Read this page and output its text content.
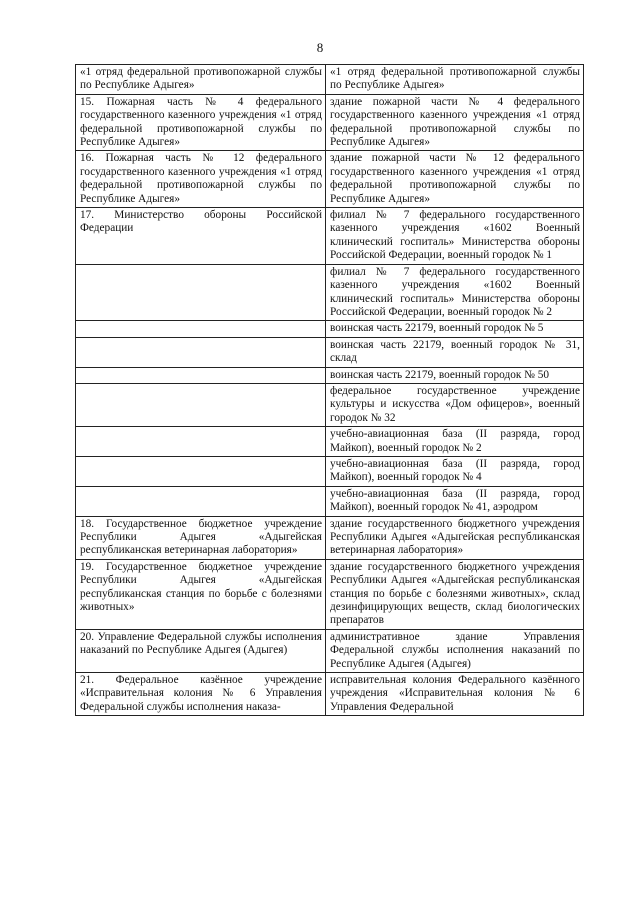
8
«1 отряд федеральной противопожарной службы по Республике Адыгея»	«1 отряд федеральной противопожарной службы по Республике Адыгея»
15. Пожарная часть № 4 федерального государственного казенного учреждения «1 отряд федеральной противопожарной службы по Республике Адыгея»	здание пожарной части № 4 федерального государственного казенного учреждения «1 отряд федеральной противопожарной службы по Республике Адыгея»
16. Пожарная часть № 12 федерального государственного казенного учреждения «1 отряд федеральной противопожарной службы по Республике Адыгея»	здание пожарной части № 12 федерального государственного казенного учреждения «1 отряд федеральной противопожарной службы по Республике Адыгея»
17. Министерство обороны Российской Федерации	филиал № 7 федерального государственного казенного учреждения «1602 Военный клинический госпиталь» Министерства обороны Российской Федерации, военный городок № 1
	филиал № 7 федерального государственного казенного учреждения «1602 Военный клинический госпиталь» Министерства обороны Российской Федерации, военный городок № 2
	воинская часть 22179, военный городок № 5
	воинская часть 22179, военный городок № 31, склад
	воинская часть 22179, военный городок № 50
	федеральное государственное учреждение культуры и искусства «Дом офицеров», военный городок № 32
	учебно-авиационная база (II разряда, город Майкоп), военный городок № 2
	учебно-авиационная база (II разряда, город Майкоп), военный городок № 4
	учебно-авиационная база (II разряда, город Майкоп), военный городок № 41, аэродром
18. Государственное бюджетное учреждение Республики Адыгея «Адыгейская республиканская ветеринарная лаборатория»	здание государственного бюджетного учреждения Республики Адыгея «Адыгейская республиканская ветеринарная лаборатория»
19. Государственное бюджетное учреждение Республики Адыгея «Адыгейская республиканская станция по борьбе с болезнями животных»	здание государственного бюджетного учреждения Республики Адыгея «Адыгейская республиканская станция по борьбе с болезнями животных», склад дезинфицирующих веществ, склад биологических препаратов
20. Управление Федеральной службы исполнения наказаний по Республике Адыгея (Адыгея)	административное здание Управления Федеральной службы исполнения наказаний по Республике Адыгея (Адыгея)
21. Федеральное казённое учреждение «Исправительная колония № 6 Управления Федеральной службы исполнения наказа-	исправительная колония Федерального казённого учреждения «Исправительная колония № 6 Управления Федеральной
